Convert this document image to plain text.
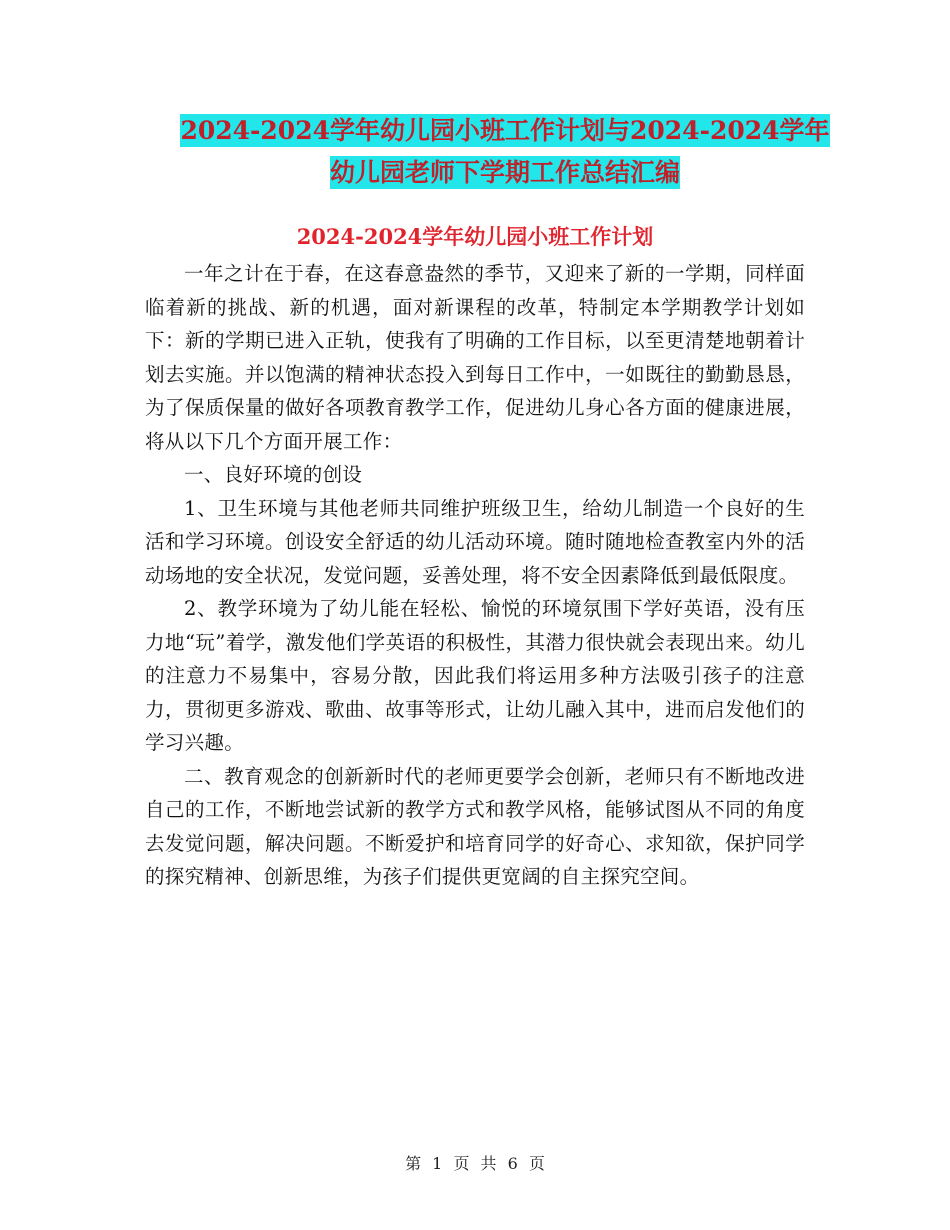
2024-2024学年幼儿园小班工作计划与2024-2024学年
幼儿园老师下学期工作总结汇编
2024-2024学年幼儿园小班工作计划

一年之计在于春，在这春意盎然的季节，又迎来了新的一学期，同样面临着新的挑战、新的机遇，面对新课程的改革，特制定本学期教学计划如下：新的学期已进入正轨，使我有了明确的工作目标，以至更清楚地朝着计划去实施。并以饱满的精神状态投入到每日工作中，一如既往的勤勤恳恳，为了保质保量的做好各项教育教学工作，促进幼儿身心各方面的健康进展，将从以下几个方面开展工作：

一、良好环境的创设

1、卫生环境与其他老师共同维护班级卫生，给幼儿制造一个良好的生活和学习环境。创设安全舒适的幼儿活动环境。随时随地检查教室内外的活动场地的安全状况，发觉问题，妥善处理，将不安全因素降低到最低限度。

2、教学环境为了幼儿能在轻松、愉悦的环境氛围下学好英语，没有压力地“玩”着学，激发他们学英语的积极性，其潜力很快就会表现出来。幼儿的注意力不易集中，容易分散，因此我们将运用多种方法吸引孩子的注意力，贯彻更多游戏、歌曲、故事等形式，让幼儿融入其中，进而启发他们的学习兴趣。

二、教育观念的创新新时代的老师更要学会创新，老师只有不断地改进自己的工作，不断地尝试新的教学方式和教学风格，能够试图从不同的角度去发觉问题，解决问题。不断爱护和培育同学的好奇心、求知欲，保护同学的探究精神、创新思维，为孩子们提供更宽阔的自主探究空间。

第 1 页 共 6 页
